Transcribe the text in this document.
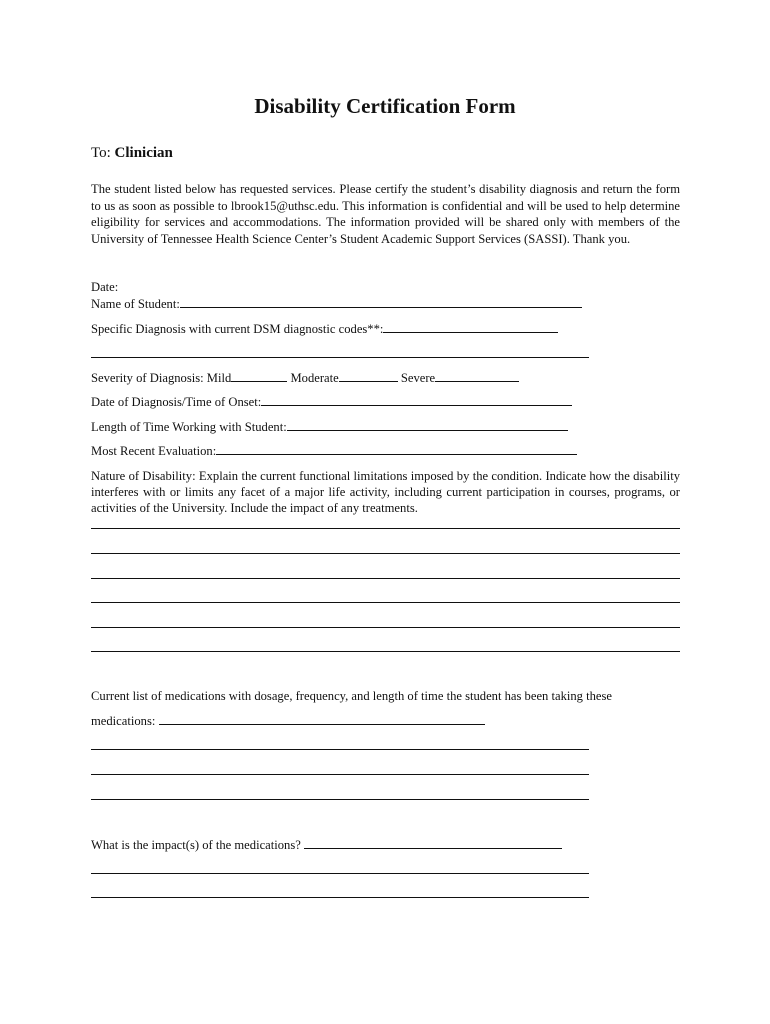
Disability Certification Form
To: Clinician
The student listed below has requested services. Please certify the student’s disability diagnosis and return the form to us as soon as possible to lbrook15@uthsc.edu. This information is confidential and will be used to help determine eligibility for services and accommodations. The information provided will be shared only with members of the University of Tennessee Health Science Center’s Student Academic Support Services (SASSI). Thank you.
Date:
Name of Student:
Specific Diagnosis with current DSM diagnostic codes**:
Severity of Diagnosis: Mild	Moderate	Severe
Date of Diagnosis/Time of Onset:
Length of Time Working with Student:
Most Recent Evaluation:
Nature of Disability: Explain the current functional limitations imposed by the condition. Indicate how the disability interferes with or limits any facet of a major life activity, including current participation in courses, programs, or activities of the University. Include the impact of any treatments.
Current list of medications with dosage, frequency, and length of time the student has been taking these
medications:
What is the impact(s) of the medications?
